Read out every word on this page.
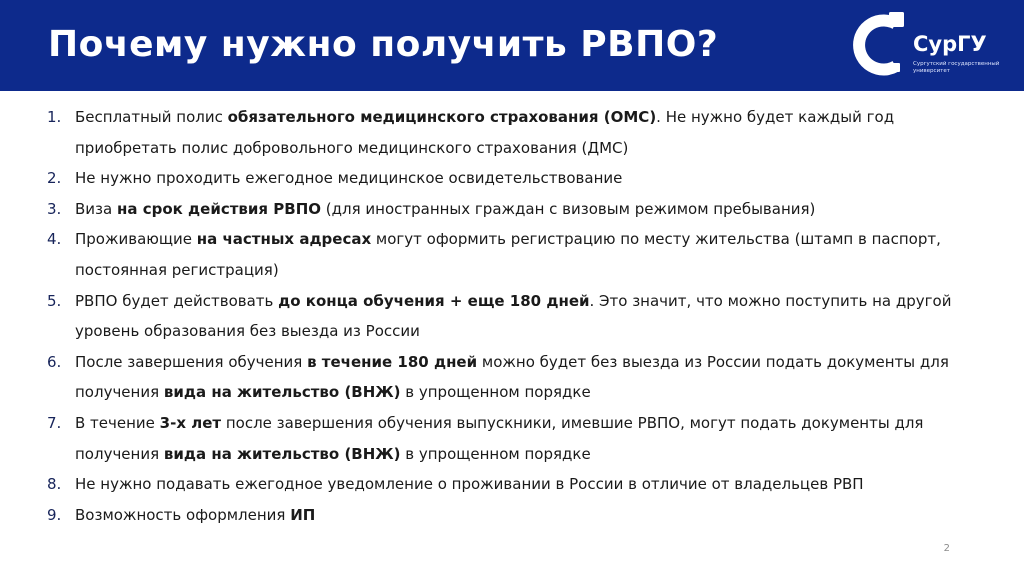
Почему нужно получить РВПО?	СурГУ
Сургутский государственный университет
1. Бесплатный полис обязательного медицинского страхования (ОМС). Не нужно будет каждый год приобретать полис добровольного медицинского страхования (ДМС)
2. Не нужно проходить ежегодное медицинское освидетельствование
3. Виза на срок действия РВПО (для иностранных граждан с визовым режимом пребывания)
4. Проживающие на частных адресах могут оформить регистрацию по месту жительства (штамп в паспорт, постоянная регистрация)
5. РВПО будет действовать до конца обучения + еще 180 дней. Это значит, что можно поступить на другой уровень образования без выезда из России
6. После завершения обучения в течение 180 дней можно будет без выезда из России подать документы для получения вида на жительство (ВНЖ) в упрощенном порядке
7. В течение 3-х лет после завершения обучения выпускники, имевшие РВПО, могут подать документы для получения вида на жительство (ВНЖ) в упрощенном порядке
8. Не нужно подавать ежегодное уведомление о проживании в России в отличие от владельцев РВП
9. Возможность оформления ИП
2
